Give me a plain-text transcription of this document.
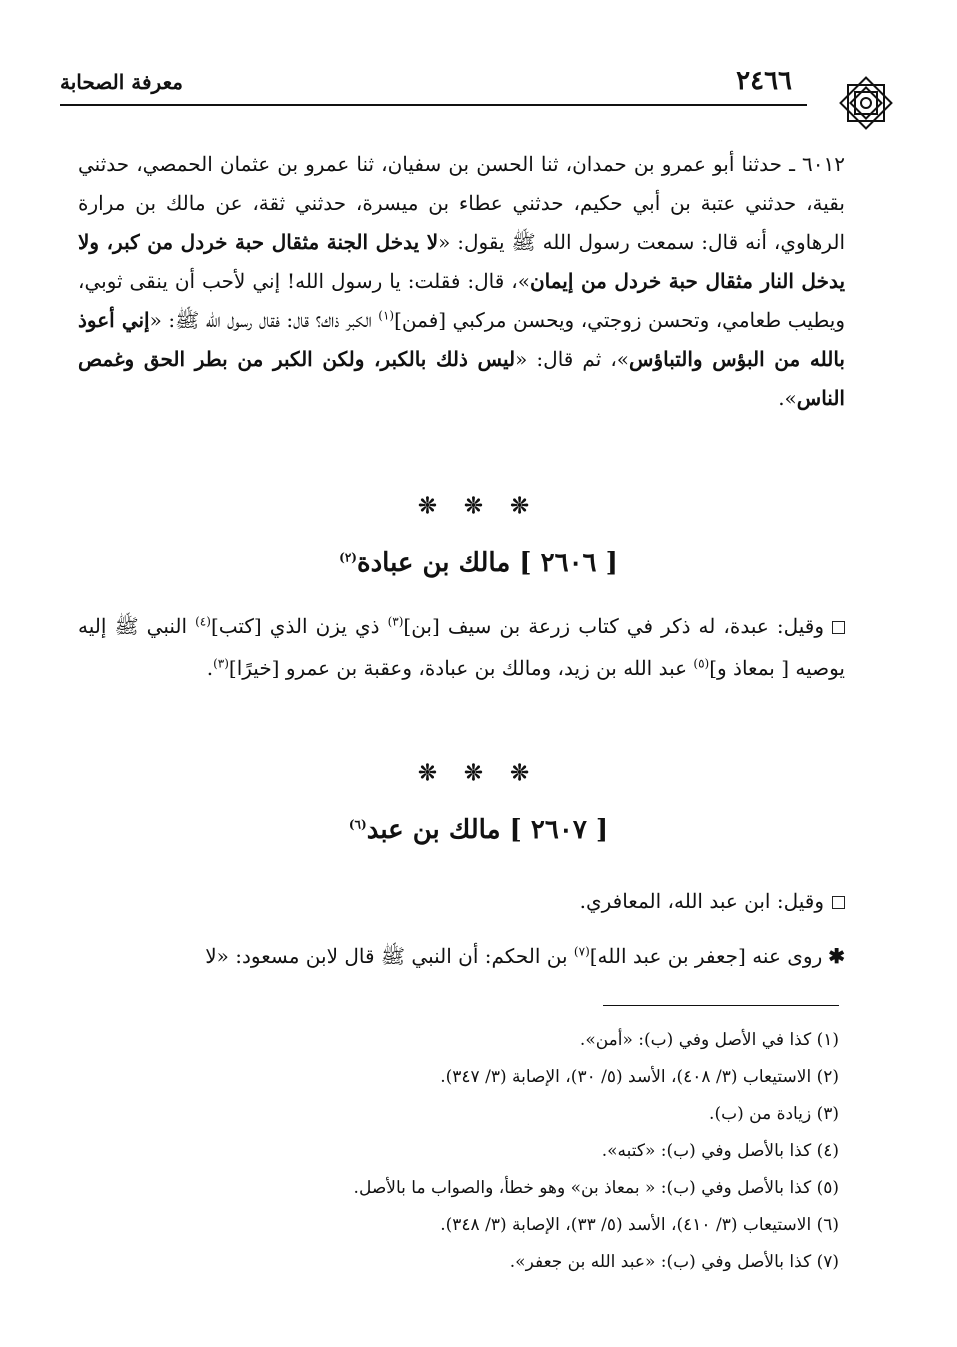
معرفة الصحابة	٢٤٦٦
٦٠١٢ ـ حدثنا أبو عمرو بن حمدان، ثنا الحسن بن سفيان، ثنا عمرو بن عثمان الحمصي، حدثني بقية، حدثني عتبة بن أبي حكيم، حدثني عطاء بن ميسرة، حدثني ثقة، عن مالك بن مرارة الرهاوي، أنه قال: سمعت رسول الله ﷺ يقول: «لا يدخل الجنة مثقال حبة خردل من كبر، ولا يدخل النار مثقال حبة خردل من إيمان»، قال: فقلت: يا رسول الله! إني لأحب أن ينقى ثوبي، ويطيب طعامي، وتحسن زوجتي، ويحسن مركبي [فمن]$^{(١)}$ الكبر ذاك؟ قال: فقال رسول الله ﷺ: «إني أعوذ بالله من البؤس والتباؤس»، ثم قال: «ليس ذلك بالكبر، ولكن الكبر من بطر الحق وغمص الناس».
❊ ❊ ❊
[ ٢٦٠٦ ] مالك بن عبادة$^{(٢)}$
وقيل: عبدة، له ذكر في كتاب زرعة بن سيف [بن]$^{(٣)}$ ذي يزن الذي [كتب]$^{(٤)}$ النبي ﷺ إليه يوصيه [ بمعاذ و]$^{(٥)}$ عبد الله بن زيد، ومالك بن عبادة، وعقبة بن عمرو [خيرًا]$^{(٣)}$.
❊ ❊ ❊
[ ٢٦٠٧ ] مالك بن عبد$^{(٦)}$
وقيل: ابن عبد الله، المعافري.
✱روى عنه [جعفر بن عبد الله]$^{(٧)}$ بن الحكم: أن النبي ﷺ قال لابن مسعود: «لا
(١) كذا في الأصل وفي (ب): «أمن».
(٢) الاستيعاب (٣/ ٤٠٨)، الأسد (٥/ ٣٠)، الإصابة (٣/ ٣٤٧).
(٣) زيادة من (ب).
(٤) كذا بالأصل وفي (ب): «كتبه».
(٥) كذا بالأصل وفي (ب): « بمعاذ بن» وهو خطأ، والصواب ما بالأصل.
(٦) الاستيعاب (٣/ ٤١٠)، الأسد (٥/ ٣٣)، الإصابة (٣/ ٣٤٨).
(٧) كذا بالأصل وفي (ب): «عبد الله بن جعفر».
